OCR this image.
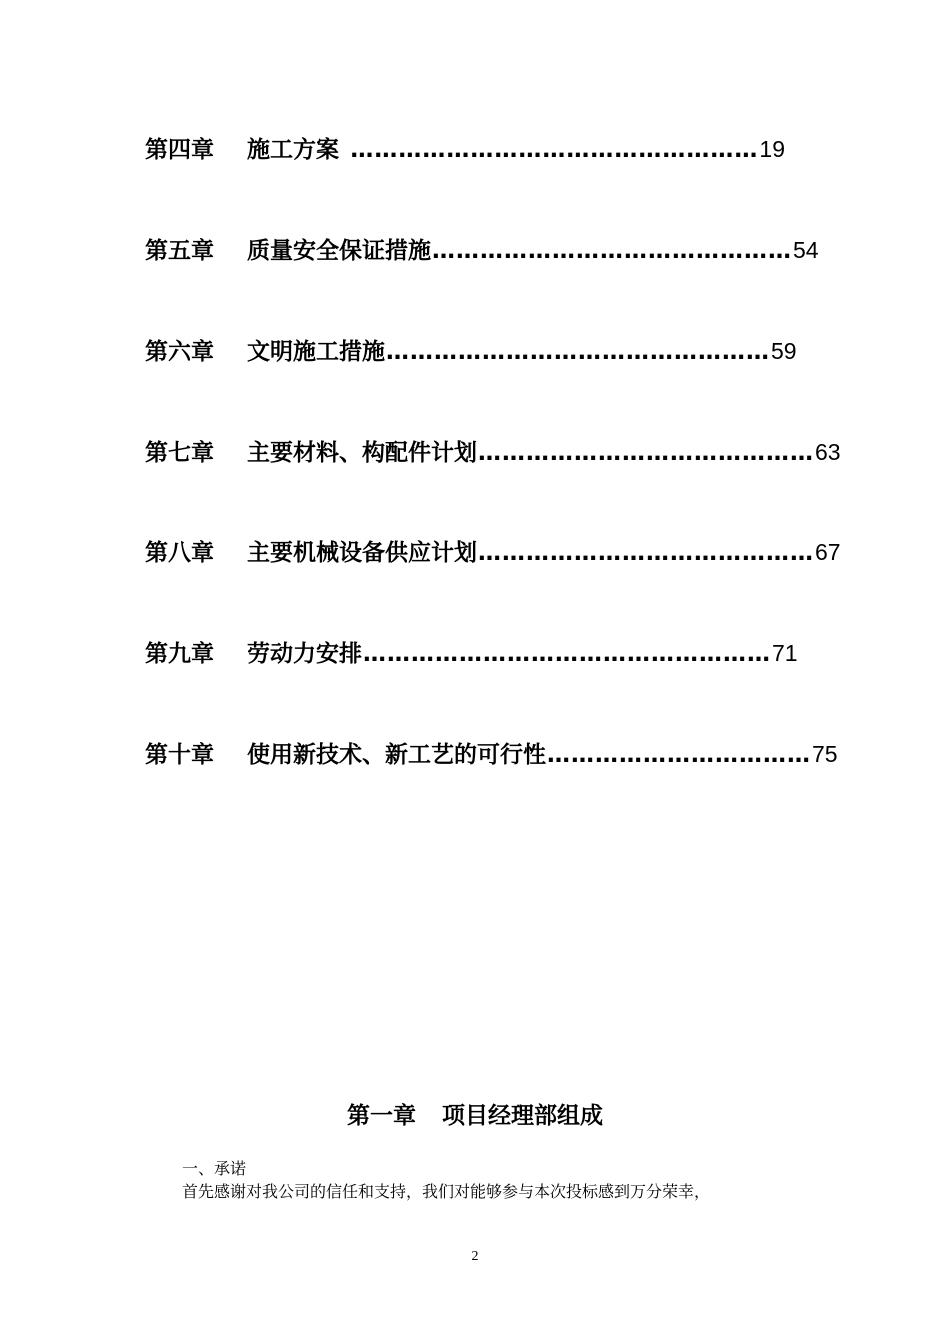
第四章	施工方案 …………………………………………… 19
第五章	质量安全保证措施 ……………………………………… 54
第六章	文明施工措施 ………………………………………… 59
第七章	主要材料、构配件计划 …………………………………… 63
第八章	主要机械设备供应计划 …………………………………… 67
第九章	劳动力安排 …………………………………………… 71
第十章	使用新技术、新工艺的可行性 …………………………… 75
第一章 项目经理部组成
一、承诺
首先感谢对我公司的信任和支持，我们对能够参与本次投标感到万分荣幸，
2
